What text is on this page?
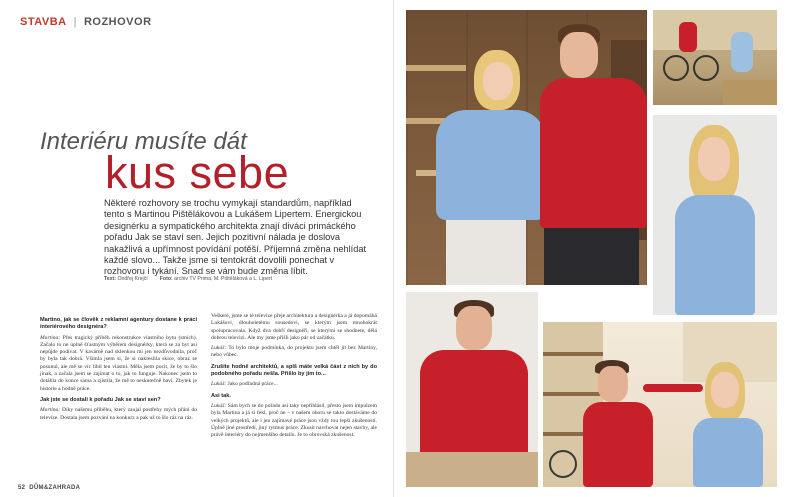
STAVBA | ROZHOVOR
Interiéru musíte dát
kus sebe
Některé rozhovory se trochu vymykají standardům, například tento s Martinou Pištělákovou a Lukášem Lipertem. Energickou designérku a sympatického architekta znají diváci primáckého pořadu Jak se staví sen. Jejich pozitivní nálada je doslova nakažlivá a upřímnost povídání potěší. Příjemná změna nehlídat každé slovo... Takže jsme si tentokrát dovolili ponechat v rozhovoru i tykání. Snad se vám bude změna líbit.
Text: Ondřej Krejčí Foto: archiv TV Prima, M. Pištěláková a L. Lipert

Martino, jak se člověk z reklamní agentury dostane k práci interiérového designéra?

Martina: Přes tragický příběh rekonstrukce vlastního bytu (smích). Začalo to ne úplně šťastným výběrem designérky, která se za byt asi nepůjde podívat. V kavárně nad sklenkou mi jen nezdůvodnila, proč by byla tak dobrá. Všimla jsem si, že si nakreslila skice, obraz se posunul, ale mě se víc líbil ten vlastní. Měla jsem pocit, že by to šlo jinak, a začala jsem se zajímat o to, jak to funguje. Nakonec jsem to dotáhla do konce sama a zjistila, že mě to neskutečně baví. Zbytek je historie a hodně práce.

Jak jste se dostali k pořadu Jak se staví sen?

Martina: Díky našemu příběhu, který zaujal postřehy mých přání do televize. Dostala jsem pozvání na konkurz a pak už to šlo ráz na ráz.

Veškeré, jsme se té televize přeje architektura a designérka a já dopomáhá Lukášovi, dlouholetému sousedovi, se kterým jsem mnohokrát spolupracovala. Když dva dobří designéři, se kterými se shodnete, dělá dobrou televizi. Ale my jsme přišli jako pár od začátku.

Lukáš: To bylo moje podmínka, do projektu jsem chtěl jít bez Martiny, nebo vůbec.

Zrušíte hodně architektů, a spíš máte velká část z nich by do podobného pořadu nešla. Přišlo by jim to...

Lukáš: Jako podřadná práce...

Asi tak.

Lukáš: Sám bych se do pořadu asi taky nepřihlásil, přesto jsem impulzem byla Martina a já si řekl, proč ne – v našem oboru se takto dostáváme do velkých projektů, ale i jen zajímavé práce jsou vždy tou lepší zkušeností. Úplně jiné prostředí, jiný rytmus práce. Zkusit navrhovat nejen stavby, ale právě interiéry do nejmenšího detailu. Je to obrovská zkušenost.

52 DŮM&ZAHRADA
